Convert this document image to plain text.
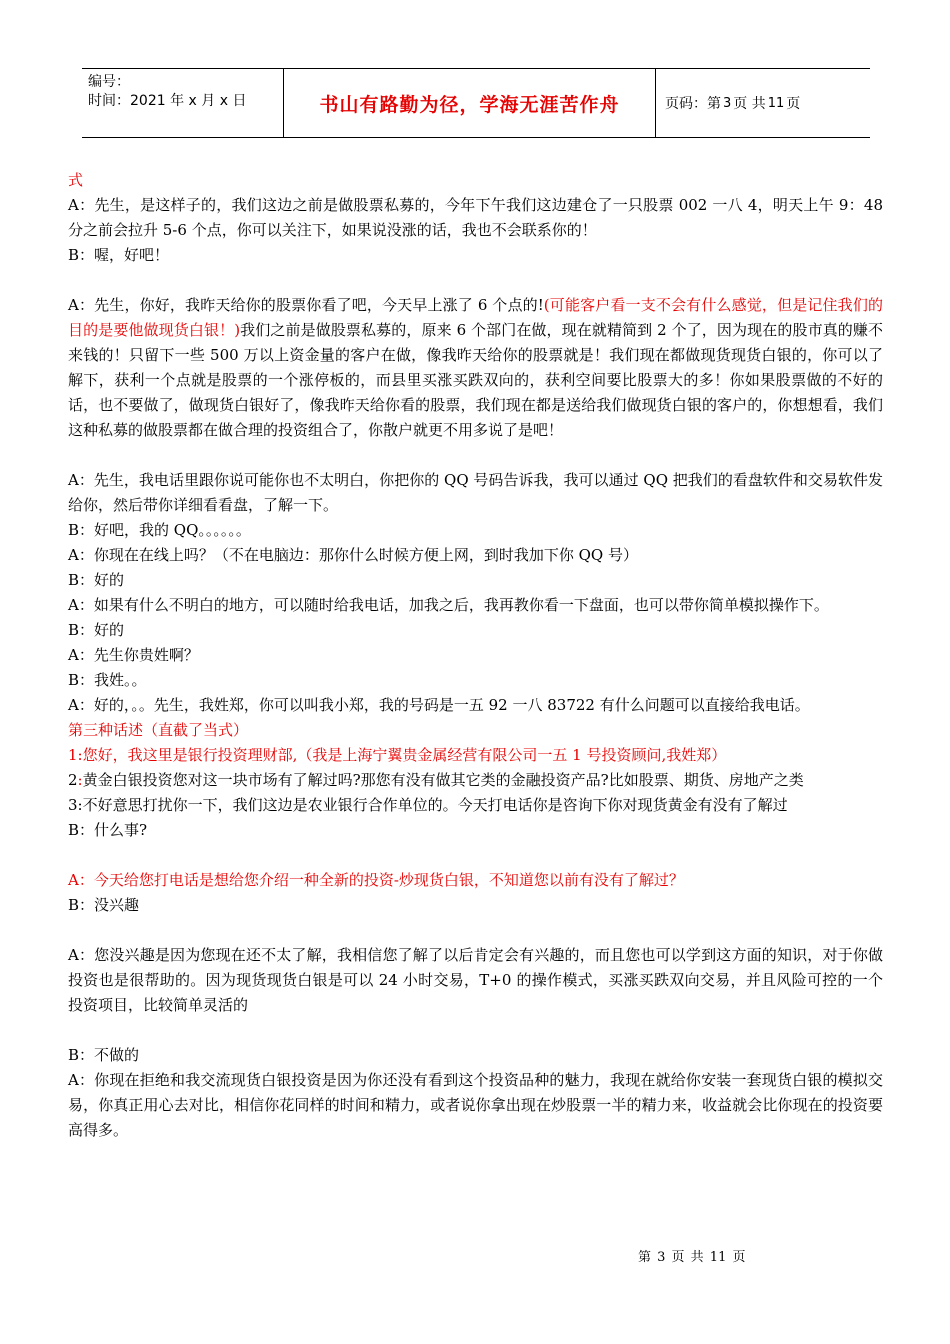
编号：
时间：2021 年 x 月 x 日	书山有路勤为径，学海无涯苦作舟	页码：第 3 页 共 11 页

式

A：先生，是这样子的，我们这边之前是做股票私募的，今年下午我们这边建仓了一只股票 002 一八 4，明天上午 9：48 分之前会拉升 5-6 个点，你可以关注下，如果说没涨的话，我也不会联系你的！

B：喔，好吧！

A：先生，你好，我昨天给你的股票你看了吧，今天早上涨了 6 个点的!(可能客户看一支不会有什么感觉，但是记住我们的目的是要他做现货白银！)我们之前是做股票私募的，原来 6 个部门在做，现在就精简到 2 个了，因为现在的股市真的赚不来钱的！只留下一些 500 万以上资金量的客户在做，像我昨天给你的股票就是！我们现在都做现货现货白银的，你可以了解下，获利一个点就是股票的一个涨停板的，而县里买涨买跌双向的，获利空间要比股票大的多！你如果股票做的不好的话，也不要做了，做现货白银好了，像我昨天给你看的股票，我们现在都是送给我们做现货白银的客户的，你想想看，我们这种私募的做股票都在做合理的投资组合了，你散户就更不用多说了是吧！

A：先生，我电话里跟你说可能你也不太明白，你把你的 QQ 号码告诉我，我可以通过 QQ 把我们的看盘软件和交易软件发给你，然后带你详细看看盘，了解一下。

B：好吧，我的 QQ。。。。。。

A：你现在在线上吗？（不在电脑边：那你什么时候方便上网，到时我加下你 QQ 号）

B：好的

A：如果有什么不明白的地方，可以随时给我电话，加我之后，我再教你看一下盘面，也可以带你简单模拟操作下。

B：好的

A：先生你贵姓啊？

B：我姓。。

A：好的，。。先生，我姓郑，你可以叫我小郑，我的号码是一五 92 一八 83722 有什么问题可以直接给我电话。

第三种话述（直截了当式）

1:您好，我这里是银行投资理财部,（我是上海宁翼贵金属经营有限公司一五 1 号投资顾问,我姓郑）

2:黄金白银投资您对这一块市场有了解过吗?那您有没有做其它类的金融投资产品?比如股票、期货、房地产之类

3:不好意思打扰你一下，我们这边是农业银行合作单位的。今天打电话你是咨询下你对现货黄金有没有了解过

B：什么事?

A：今天给您打电话是想给您介绍一种全新的投资-炒现货白银，不知道您以前有没有了解过？

B：没兴趣

A：您没兴趣是因为您现在还不太了解，我相信您了解了以后肯定会有兴趣的，而且您也可以学到这方面的知识，对于你做投资也是很帮助的。因为现货现货白银是可以 24 小时交易，T+0 的操作模式，买涨买跌双向交易，并且风险可控的一个投资项目，比较简单灵活的

B：不做的

A：你现在拒绝和我交流现货白银投资是因为你还没有看到这个投资品种的魅力，我现在就给你安装一套现货白银的模拟交易，你真正用心去对比，相信你花同样的时间和精力，或者说你拿出现在炒股票一半的精力来，收益就会比你现在的投资要高得多。

第 3 页 共 11 页
